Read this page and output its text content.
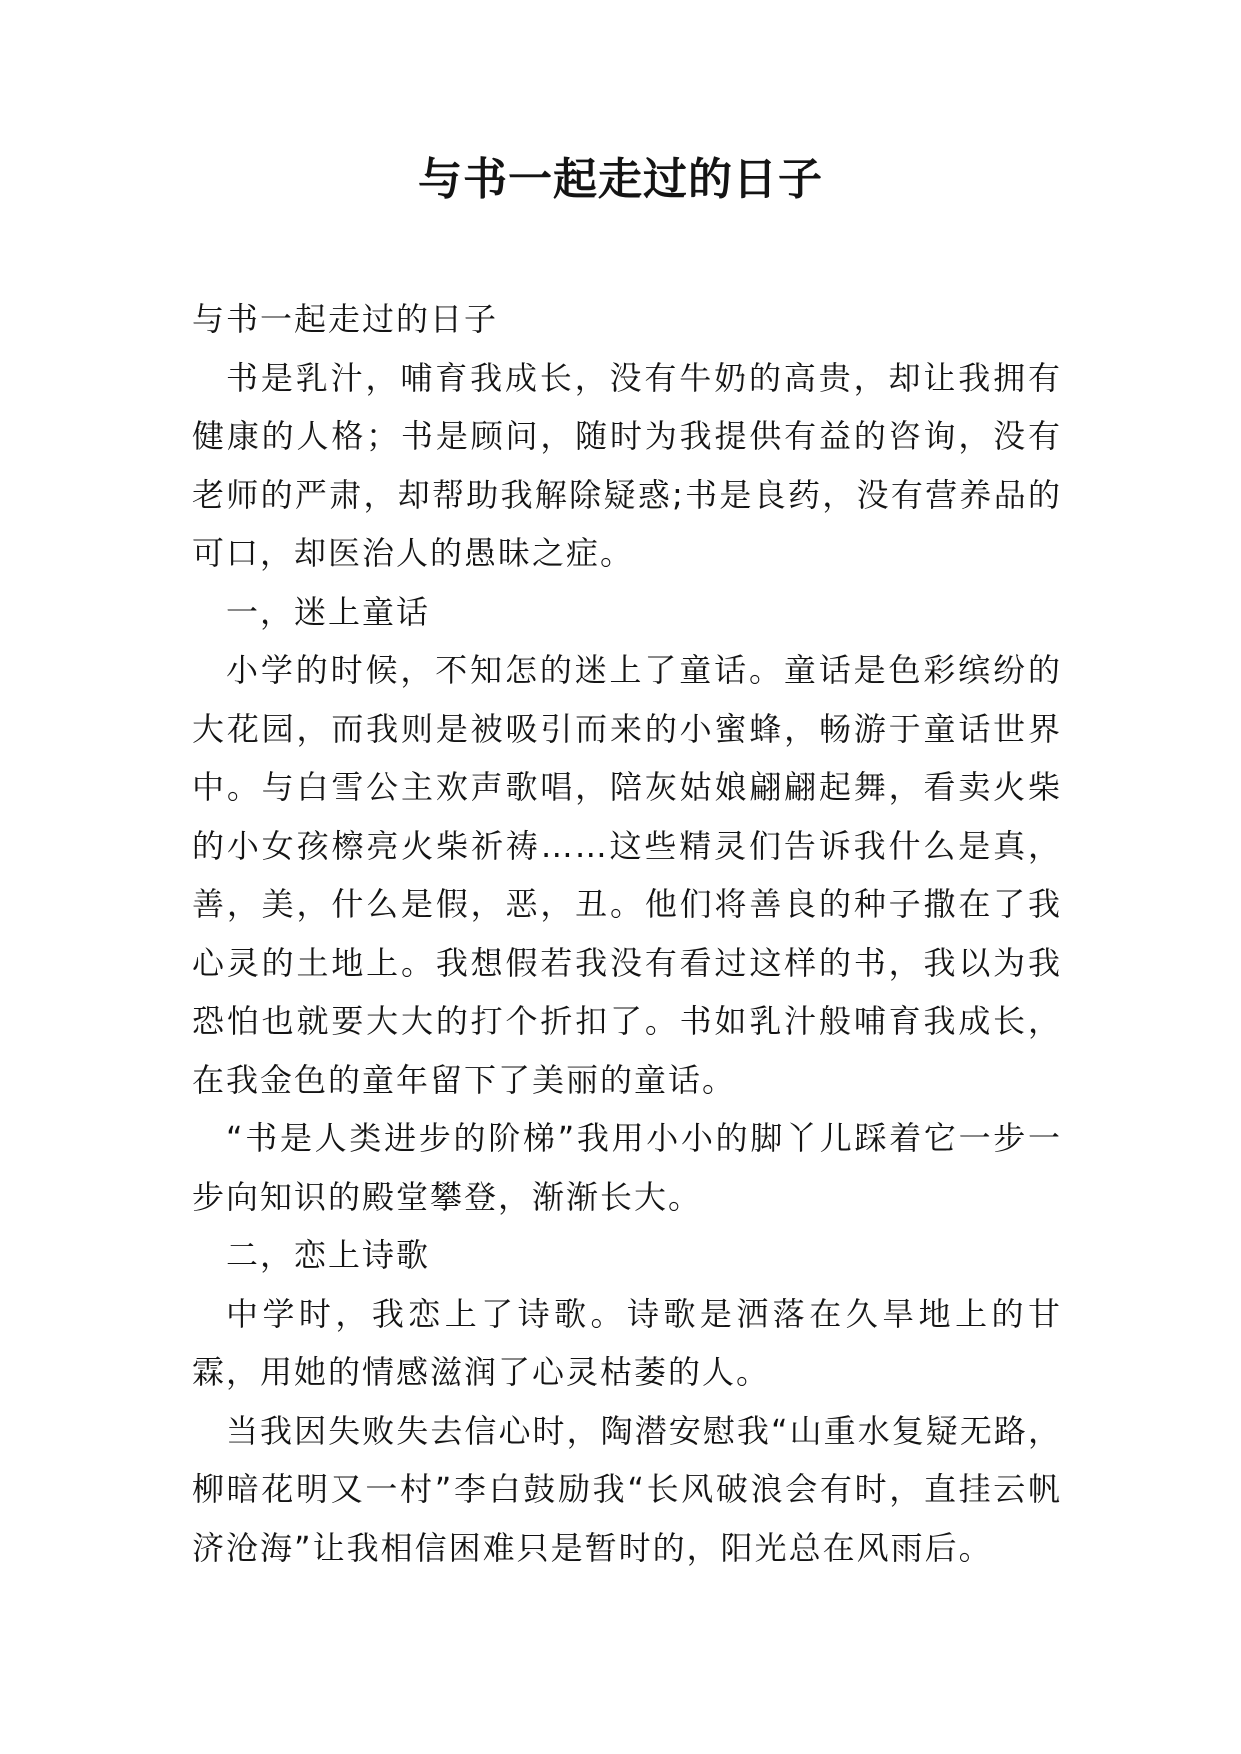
与书一起走过的日子

与书一起走过的日子

书是乳汁，哺育我成长，没有牛奶的高贵，却让我拥有健康的人格；书是顾问，随时为我提供有益的咨询，没有老师的严肃，却帮助我解除疑惑;书是良药，没有营养品的可口，却医治人的愚昧之症。

一，迷上童话

小学的时候，不知怎的迷上了童话。童话是色彩缤纷的大花园，而我则是被吸引而来的小蜜蜂，畅游于童话世界中。与白雪公主欢声歌唱，陪灰姑娘翩翩起舞，看卖火柴的小女孩檫亮火柴祈祷……这些精灵们告诉我什么是真，善，美，什么是假，恶，丑。他们将善良的种子撒在了我心灵的土地上。我想假若我没有看过这样的书，我以为我恐怕也就要大大的打个折扣了。书如乳汁般哺育我成长，在我金色的童年留下了美丽的童话。

“书是人类进步的阶梯”我用小小的脚丫儿踩着它一步一步向知识的殿堂攀登，渐渐长大。

二，恋上诗歌

中学时，我恋上了诗歌。诗歌是洒落在久旱地上的甘霖，用她的情感滋润了心灵枯萎的人。

当我因失败失去信心时，陶潜安慰我“山重水复疑无路，柳暗花明又一村”李白鼓励我“长风破浪会有时，直挂云帆济沧海”让我相信困难只是暂时的，阳光总在风雨后。
